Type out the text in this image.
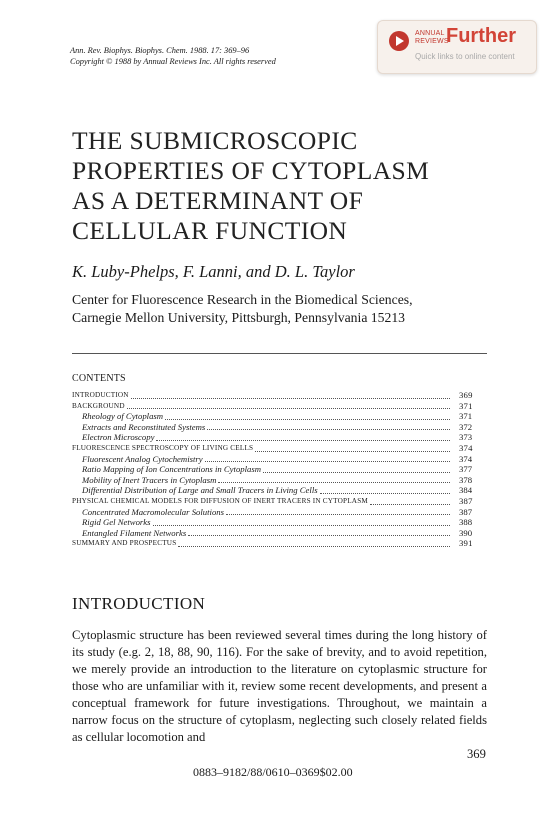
Ann. Rev. Biophys. Biophys. Chem. 1988. 17: 369–96
Copyright © 1988 by Annual Reviews Inc. All rights reserved
ANNUAL
REVIEWS
Further
Quick links to online content
THE SUBMICROSCOPIC
PROPERTIES OF CYTOPLASM
AS A DETERMINANT OF
CELLULAR FUNCTION
K. Luby-Phelps, F. Lanni, and D. L. Taylor
Center for Fluorescence Research in the Biomedical Sciences,
Carnegie Mellon University, Pittsburgh, Pennsylvania 15213
CONTENTS
INTRODUCTION	369
BACKGROUND	371
Rheology of Cytoplasm	371
Extracts and Reconstituted Systems	372
Electron Microscopy	373
FLUORESCENCE SPECTROSCOPY OF LIVING CELLS	374
Fluorescent Analog Cytochemistry	374
Ratio Mapping of Ion Concentrations in Cytoplasm	377
Mobility of Inert Tracers in Cytoplasm	378
Differential Distribution of Large and Small Tracers in Living Cells	384
PHYSICAL CHEMICAL MODELS FOR DIFFUSION OF INERT TRACERS IN CYTOPLASM	387
Concentrated Macromolecular Solutions	387
Rigid Gel Networks	388
Entangled Filament Networks	390
SUMMARY AND PROSPECTUS	391
INTRODUCTION
Cytoplasmic structure has been reviewed several times during the long history of its study (e.g. 2, 18, 88, 90, 116). For the sake of brevity, and to avoid repetition, we merely provide an introduction to the literature on cytoplasmic structure for those who are unfamiliar with it, review some recent developments, and present a conceptual framework for future investigations. Throughout, we maintain a narrow focus on the structure of cytoplasm, neglecting such closely related fields as cellular locomotion and
369
0883–9182/88/0610–0369$02.00
